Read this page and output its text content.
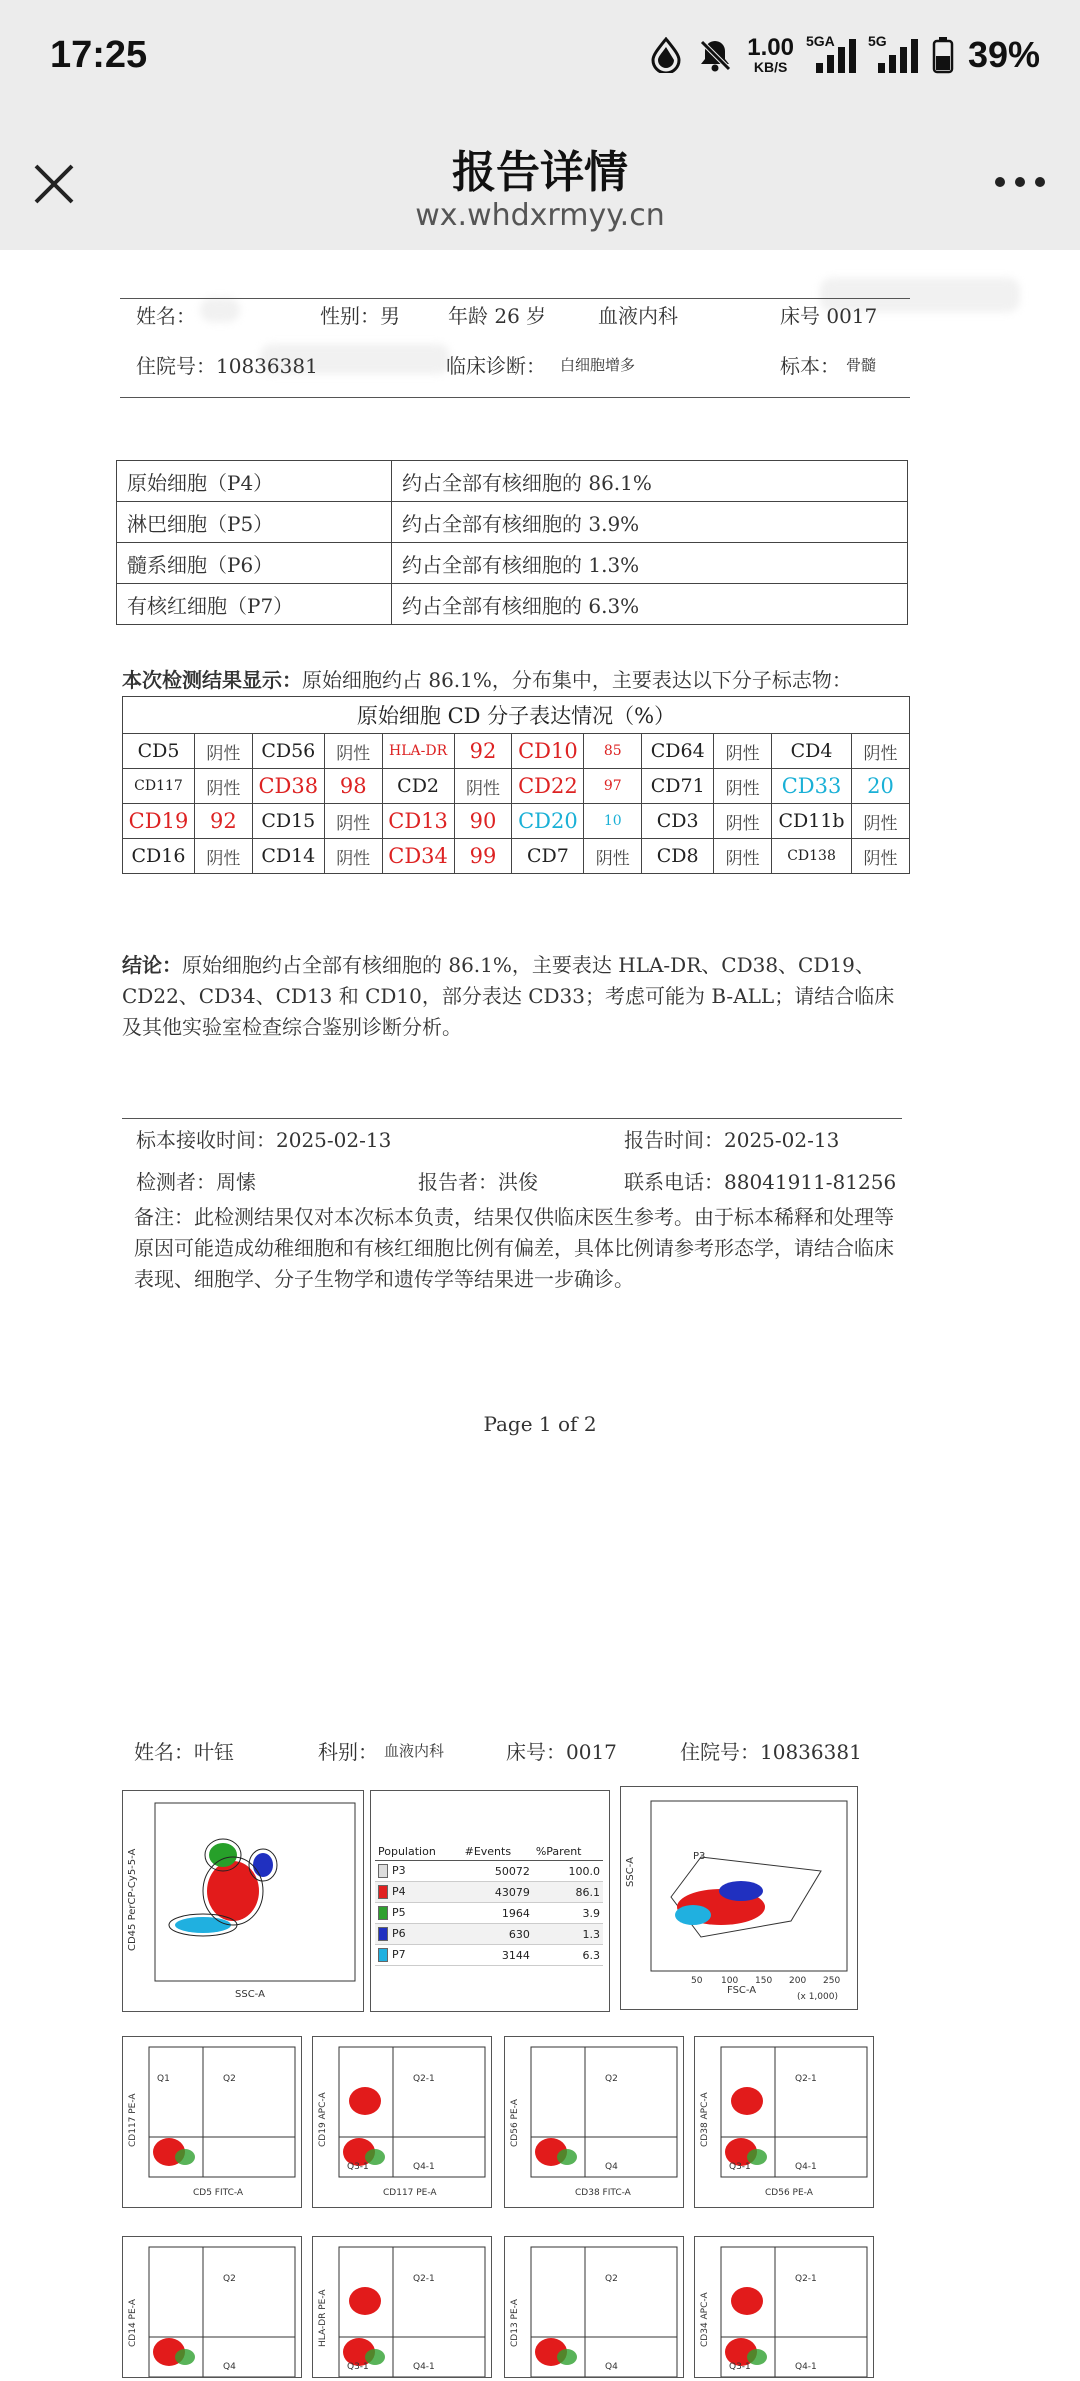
17:25	1.00
KB/S
5GA 5G 39%
报告详情
wx.whdxrmyy.cn
姓名：	性别：男 年龄 26 岁	血液内科	床号 0017
住院号：10836381	临床诊断： 白细胞增多	标本： 骨髓
原始细胞（P4）	约占全部有核细胞的 86.1%
淋巴细胞（P5）	约占全部有核细胞的 3.9%
髓系细胞（P6）	约占全部有核细胞的 1.3%
有核红细胞（P7）	约占全部有核细胞的 6.3%
本次检测结果显示：原始细胞约占 86.1%，分布集中，主要表达以下分子标志物：
原始细胞 CD 分子表达情况（%）											
CD5	阴性	CD56	阴性	HLA-DR	92	CD10	85	CD64	阴性	CD4	阴性
CD117	阴性	CD38	98	CD2	阴性	CD22	97	CD71	阴性	CD33	20
CD19	92	CD15	阴性	CD13	90	CD20	10	CD3	阴性	CD11b	阴性
CD16	阴性	CD14	阴性	CD34	99	CD7	阴性	CD8	阴性	CD138	阴性
结论：原始细胞约占全部有核细胞的 86.1%，主要表达 HLA-DR、CD38、CD19、CD22、CD34、CD13 和 CD10，部分表达 CD33；考虑可能为 B-ALL；请结合临床及其他实验室检查综合鉴别诊断分析。
标本接收时间：2025-02-13	报告时间：2025-02-13
检测者：周愫	报告者：洪俊	联系电话：88041911-81256
备注：此检测结果仅对本次标本负责，结果仅供临床医生参考。由于标本稀释和处理等原因可能造成幼稚细胞和有核红细胞比例有偏差，具体比例请参考形态学，请结合临床表现、细胞学、分子生物学和遗传学等结果进一步确诊。
Page 1 of 2
姓名：叶钰	科别： 血液内科	床号：0017	住院号：10836381
CD45 PerCP-Cy5-5-A
SSC-A
Population	#Events	%Parent
P3	50072	100.0
P4	43079	86.1
P5	1964	3.9
P6	630	1.3
P7	3144	6.3
P3
SSC-A
FSC-A
(x 1,000)
50 100 150 200 250
Q1	Q2
CD117 PE-A
CD5 FITC-A
Q2-1
Q3-1	Q4-1
CD19 APC-A
CD117 PE-A
Q2
Q4
CD56 PE-A
CD38 FITC-A
Q2-1
Q3-1	Q4-1
CD38 APC-A
CD56 PE-A
Q2
Q4
CD14 PE-A
Q2-1
Q3-1	Q4-1
HLA-DR PE-A
Q2
Q4
CD13 PE-A
Q2-1
Q3-1	Q4-1
CD34 APC-A
